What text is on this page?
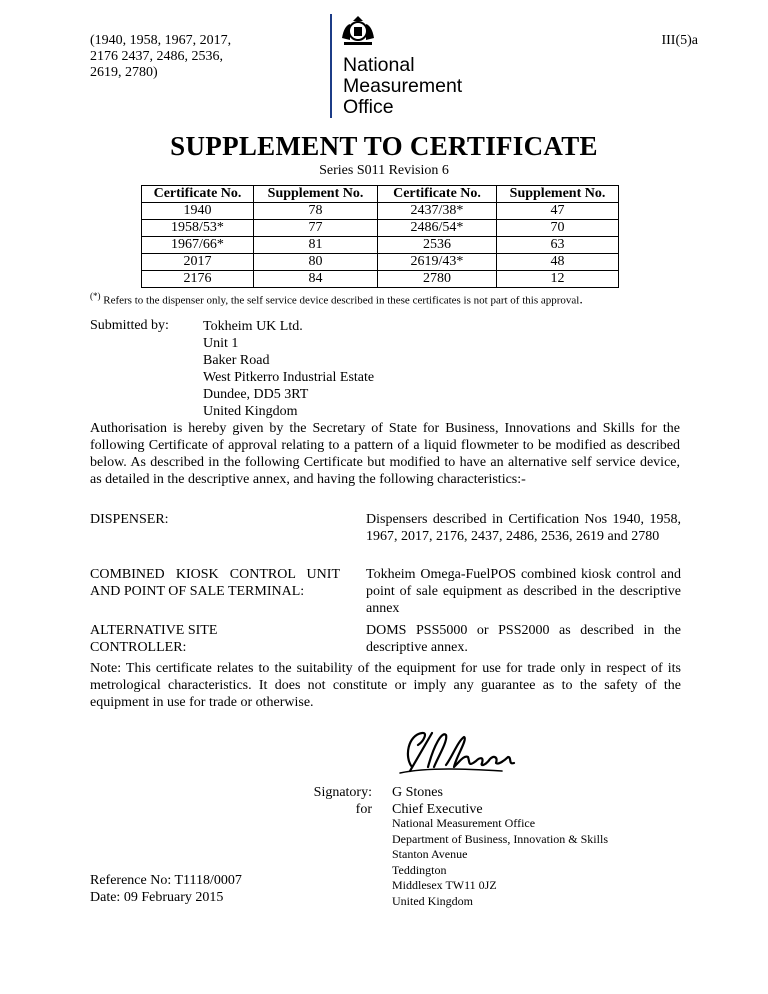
(1940, 1958, 1967, 2017,
2176 2437, 2486, 2536,
2619, 2780)
III(5)a
National
Measurement
Office
SUPPLEMENT TO CERTIFICATE
Series S011 Revision 6
Certificate No.	Supplement No.	Certificate No.	Supplement No.
1940	78	2437/38*	47
1958/53*	77	2486/54*	70
1967/66*	81	2536	63
2017	80	2619/43*	48
2176	84	2780	12
(*) Refers to the dispenser only, the self service device described in these certificates is not part of this approval.
Submitted by: Tokheim UK Ltd.
Unit 1
Baker Road
West Pitkerro Industrial Estate
Dundee, DD5 3RT
United Kingdom
Authorisation is hereby given by the Secretary of State for Business, Innovations and Skills for the following Certificate of approval relating to a pattern of a liquid flowmeter to be modified as described below. As described in the following Certificate but modified to have an alternative self service device, as detailed in the descriptive annex, and having the following characteristics:-
DISPENSER:	Dispensers described in Certification Nos 1940, 1958, 1967, 2017, 2176, 2437, 2486, 2536, 2619 and 2780
COMBINED KIOSK CONTROL UNIT AND POINT OF SALE TERMINAL:
Tokheim Omega-FuelPOS combined kiosk control and point of sale equipment as described in the descriptive annex
ALTERNATIVE SITE
CONTROLLER:
DOMS PSS5000 or PSS2000 as described in the descriptive annex.
Note: This certificate relates to the suitability of the equipment for use for trade only in respect of its metrological characteristics. It does not constitute or imply any guarantee as to the safety of the equipment in use for trade or otherwise.
Signatory:
for
G Stones
Chief Executive
National Measurement Office
Department of Business, Innovation & Skills
Stanton Avenue
Teddington
Middlesex TW11 0JZ
United Kingdom
Reference No: T1118/0007
Date: 09 February 2015
